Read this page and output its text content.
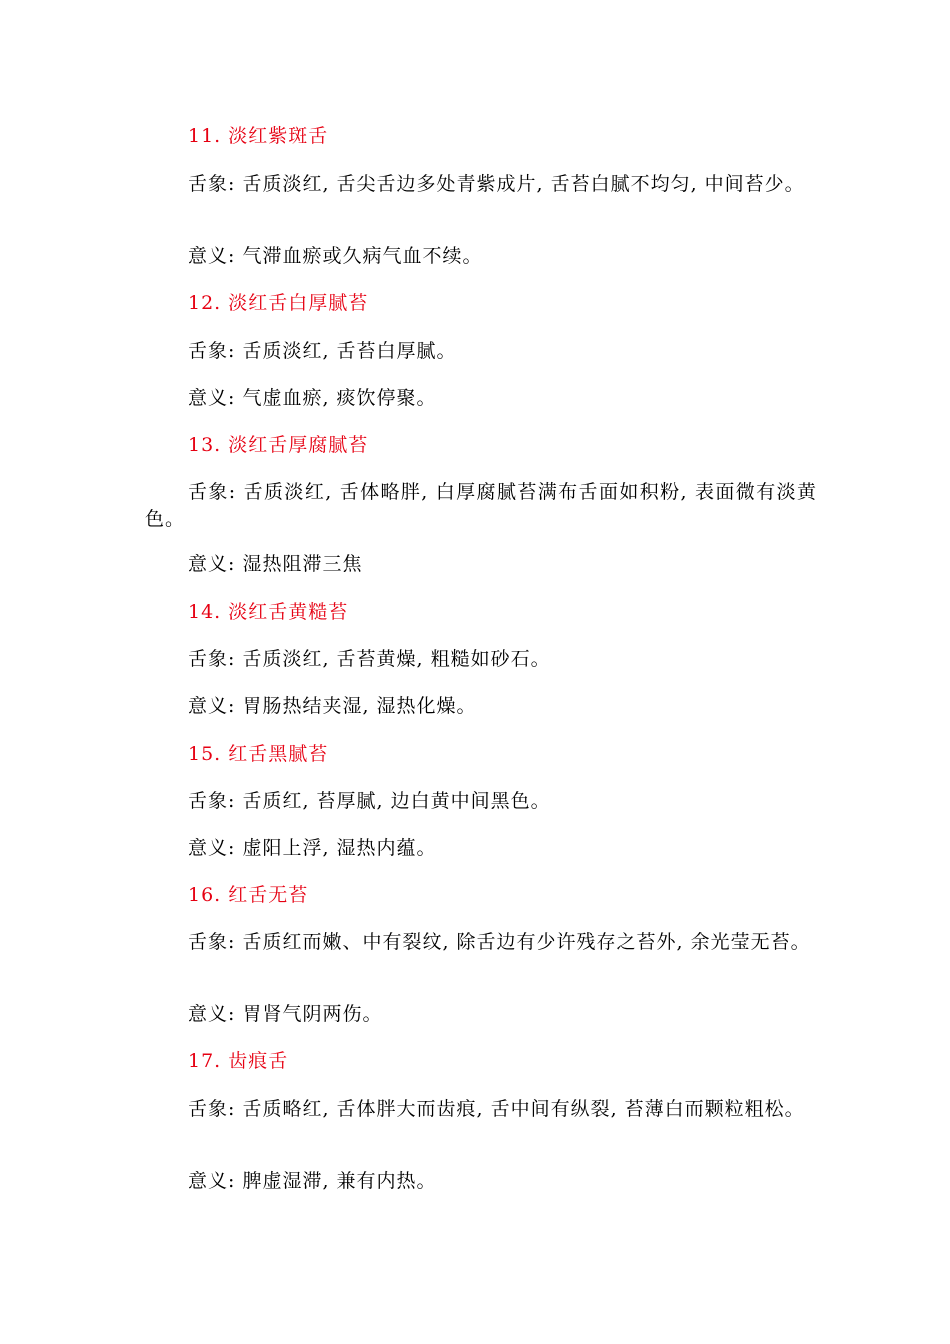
11. 淡红紫斑舌
舌象: 舌质淡红, 舌尖舌边多处青紫成片, 舌苔白腻不均匀, 中间苔少。
意义: 气滞血瘀或久病气血不续。
12. 淡红舌白厚腻苔
舌象: 舌质淡红, 舌苔白厚腻。
意义: 气虚血瘀, 痰饮停聚。
13. 淡红舌厚腐腻苔
舌象: 舌质淡红, 舌体略胖, 白厚腐腻苔满布舌面如积粉, 表面微有淡黄色。
意义: 湿热阻滞三焦
14. 淡红舌黄糙苔
舌象: 舌质淡红, 舌苔黄燥, 粗糙如砂石。
意义: 胃肠热结夹湿, 湿热化燥。
15. 红舌黑腻苔
舌象: 舌质红, 苔厚腻, 边白黄中间黑色。
意义: 虚阳上浮, 湿热内蕴。
16. 红舌无苔
舌象: 舌质红而嫩、中有裂纹, 除舌边有少许残存之苔外, 余光莹无苔。
意义: 胃肾气阴两伤。
17. 齿痕舌
舌象: 舌质略红, 舌体胖大而齿痕, 舌中间有纵裂, 苔薄白而颗粒粗松。
意义: 脾虚湿滞, 兼有内热。
